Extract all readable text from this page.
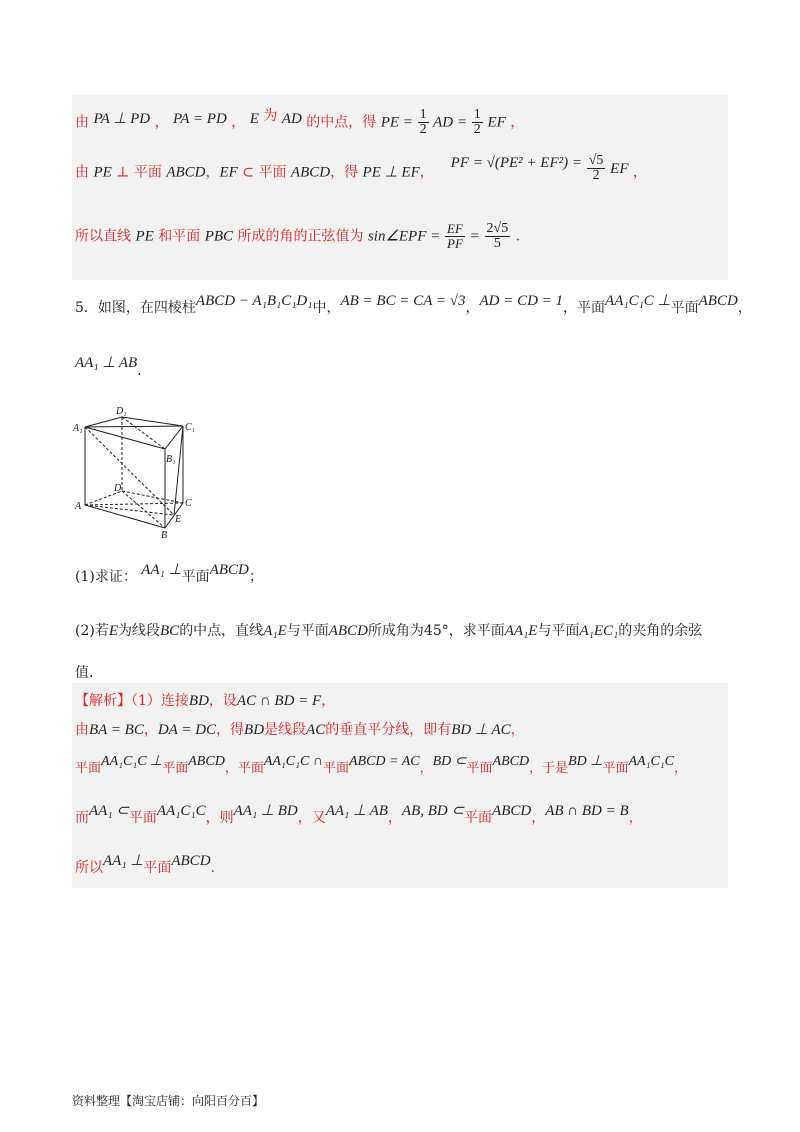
由 PA ⊥ PD ， PA = PD ， E 为 AD 的中点，得 PE = $\frac{1}{2}$ AD = $\frac{1}{2}$ EF ，
由 PE ⊥ 平面 ABCD，EF ⊂ 平面 ABCD，得 PE ⊥ EF，  PF = $√(PE^2 + EF^2) = \frac{√5}{2}$ EF ，
所以直线 PE 和平面 PBC 所成的角的正弦值为 sin∠EPF = $\frac{EF}{PF} = \frac{2√5}{5}$ .
5．如图，在四棱柱ABCD − A₁B₁C₁D₁中，AB = BC = CA = √3，AD = CD = 1，平面AA₁C₁C ⊥平面ABCD，
AA₁ ⊥ AB.
A₁
D₁
C₁
B₁
A
D
C
E
B
(1)求证： AA₁ ⊥平面ABCD；
(2)若E为线段BC的中点，直线A₁E与平面ABCD所成角为45°，求平面AA₁E与平面A₁EC₁的夹角的余弦
值.
【解析】（1）连接BD，设AC ∩ BD = F，
由BA = BC，DA = DC，得BD是线段AC的垂直平分线，即有BD ⊥ AC，
平面AA₁C₁C ⊥平面ABCD，平面AA₁C₁C ∩平面ABCD = AC，BD ⊂平面ABCD，于是BD ⊥平面AA₁C₁C，
而AA₁ ⊂平面AA₁C₁C，则AA₁ ⊥ BD，又AA₁ ⊥ AB，AB, BD ⊂平面ABCD，AB ∩ BD = B，
所以AA₁ ⊥平面ABCD.
资料整理【淘宝店铺：向阳百分百】
